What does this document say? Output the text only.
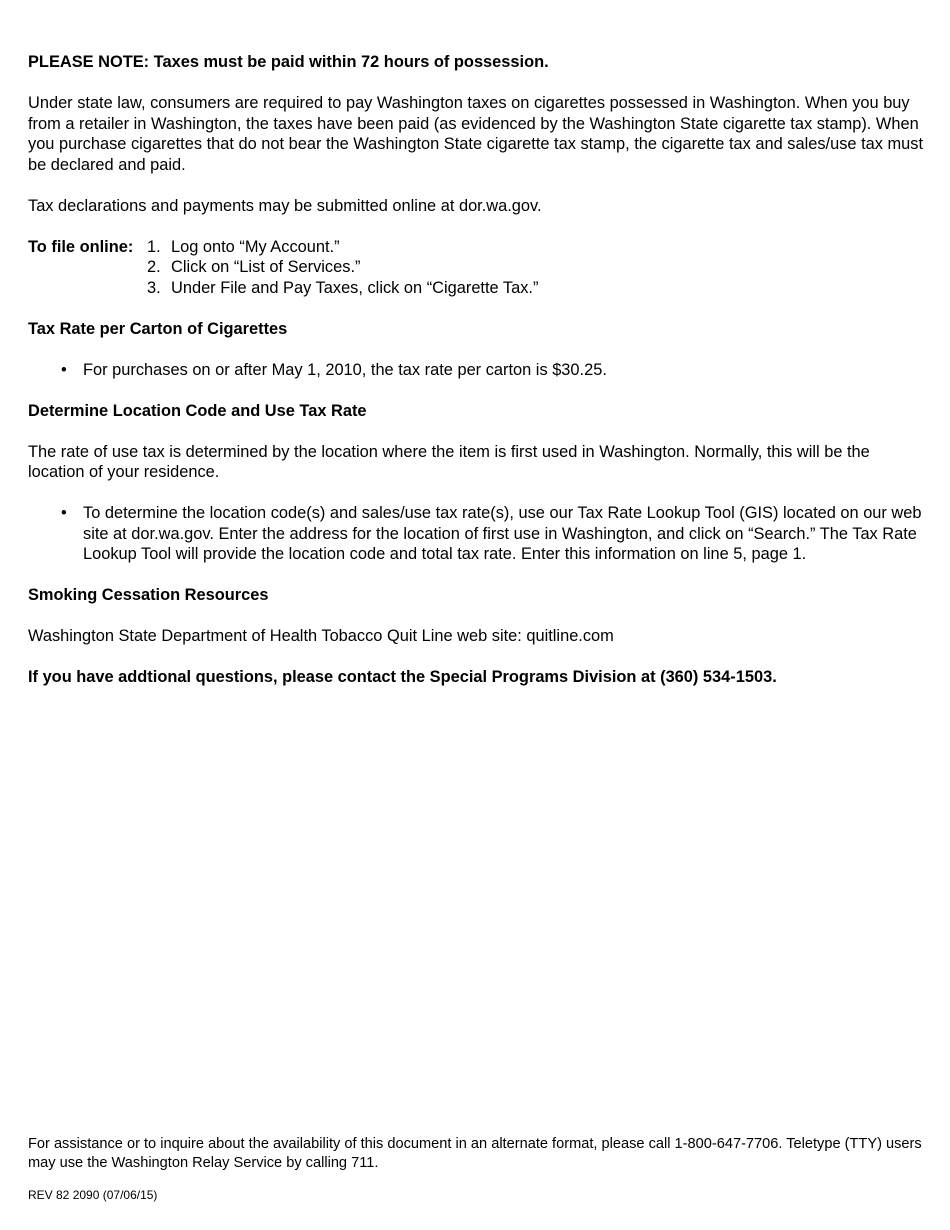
PLEASE NOTE: Taxes must be paid within 72 hours of possession.

Under state law, consumers are required to pay Washington taxes on cigarettes possessed in Washington. When you buy from a retailer in Washington, the taxes have been paid (as evidenced by the Washington State cigarette tax stamp). When you purchase cigarettes that do not bear the Washington State cigarette tax stamp, the cigarette tax and sales/use tax must be declared and paid.

Tax declarations and payments may be submitted online at dor.wa.gov.

To file online: 1. Log onto “My Account.”
2. Click on “List of Services.”
3. Under File and Pay Taxes, click on “Cigarette Tax.”

Tax Rate per Carton of Cigarettes

• For purchases on or after May 1, 2010, the tax rate per carton is $30.25.

Determine Location Code and Use Tax Rate

The rate of use tax is determined by the location where the item is first used in Washington. Normally, this will be the location of your residence.

• To determine the location code(s) and sales/use tax rate(s), use our Tax Rate Lookup Tool (GIS) located on our web site at dor.wa.gov. Enter the address for the location of first use in Washington, and click on “Search.” The Tax Rate Lookup Tool will provide the location code and total tax rate. Enter this information on line 5, page 1.

Smoking Cessation Resources

Washington State Department of Health Tobacco Quit Line web site: quitline.com

If you have addtional questions, please contact the Special Programs Division at (360) 534-1503.

For assistance or to inquire about the availability of this document in an alternate format, please call 1-800-647-7706. Teletype (TTY) users may use the Washington Relay Service by calling 711.

REV 82 2090 (07/06/15)
